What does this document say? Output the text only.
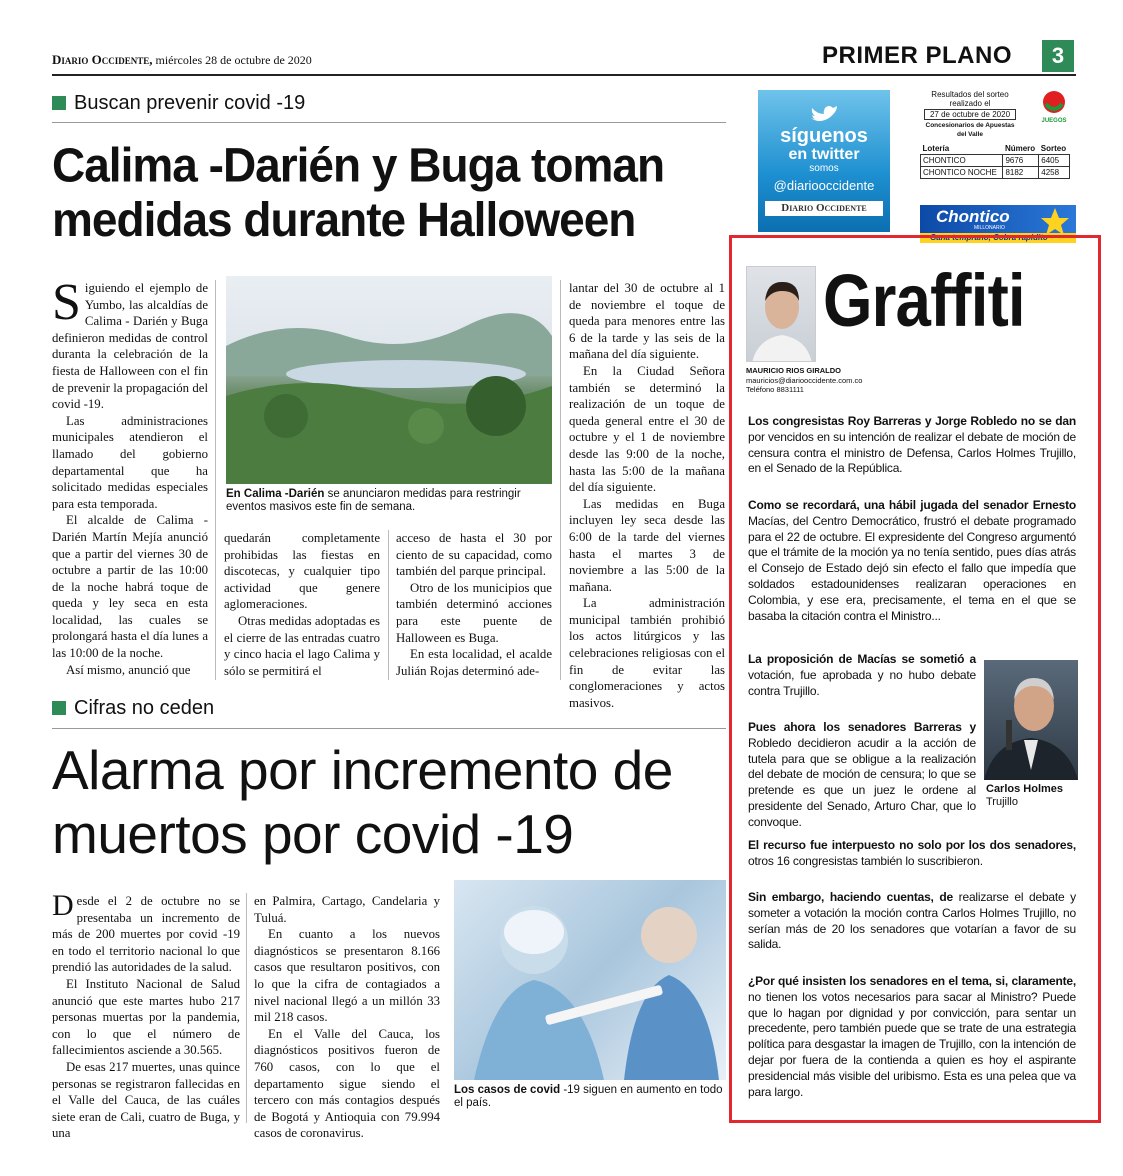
Diario Occidente, miércoles 28 de octubre de 2020	PRIMER PLANO	3
Buscan prevenir covid -19
Calima -Darién y Buga toman medidas durante Halloween
S iguiendo el ejemplo de Yumbo, las alcaldías de Calima - Darién y Buga definieron medidas de control duranta la celebración de la fiesta de Halloween con el fin de prevenir la propagación del covid -19.

Las administraciones municipales atendieron el llamado del gobierno departamental que ha solicitado medidas especiales para esta temporada.

El alcalde de Calima - Darién Martín Mejía anunció que a partir del viernes 30 de octubre a partir de las 10:00 de la noche habrá toque de queda y ley seca en esta localidad, las cuales se prolongará hasta el día lunes a las 10:00 de la noche.

Así mismo, anunció que

En Calima -Darién se anunciaron medidas para restringir eventos masivos este fin de semana.

quedarán completamente prohibidas las fiestas en discotecas, y cualquier tipo actividad que genere aglomeraciones.

Otras medidas adoptadas es el cierre de las entradas cuatro y cinco hacia el lago Calima y sólo se permitirá el

acceso de hasta el 30 por ciento de su capacidad, como también del parque principal.

Otro de los municipios que también determinó acciones para este puente de Halloween es Buga.

En esta localidad, el acalde Julián Rojas determinó ade-

lantar del 30 de octubre al 1 de noviembre el toque de queda para menores entre las 6 de la tarde y las seis de la mañana del día siguiente.

En la Ciudad Señora también se determinó la realización de un toque de queda general entre el 30 de octubre y el 1 de noviembre desde las 9:00 de la noche, hasta las 5:00 de la mañana del día siguiente.

Las medidas en Buga incluyen ley seca desde las 6:00 de la tarde del viernes hasta el martes 3 de noviembre a las 5:00 de la mañana.

La administración municipal también prohibió los actos litúrgicos y las celebraciones religiosas con el fin de evitar las conglomeraciones y actos masivos.

Cifras no ceden
Alarma por incremento de muertos por covid -19
D esde el 2 de octubre no se presentaba un incremento de más de 200 muertes por covid -19 en todo el territorio nacional lo que prendió las autoridades de la salud.

El Instituto Nacional de Salud anunció que este martes hubo 217 personas muertas por la pandemia, con lo que el número de fallecimientos asciende a 30.565.

De esas 217 muertes, unas quince personas se registraron fallecidas en el Valle del Cauca, de las cuáles siete eran de Cali, cuatro de Buga, y una

en Palmira, Cartago, Candelaria y Tuluá.

En cuanto a los nuevos diagnósticos se presentaron 8.166 casos que resultaron positivos, con lo que la cifra de contagiados a nivel nacional llegó a un millón 33 mil 218 casos.

En el Valle del Cauca, los diagnósticos positivos fueron de 760 casos, con lo que el departamento sigue siendo el tercero con más contagios después de Bogotá y Antioquia con 79.994 casos de coronavirus.

Los casos de covid -19 siguen en aumento en todo el país.
síguenos
en twitter
somos
@diariooccidente
Diario Occidente
Resultados del sorteo realizado el
27 de octubre de 2020
Concesionarios de Apuestas del Valle
JUEGOS
Lotería	Número	Sorteo
CHONTICO	9676	6405
CHONTICO NOCHE	8182	4258
Chontico
MILLONARIO
Gana temprano, Cobra rapidito
Graffiti
MAURICIO RIOS GIRALDO
mauricios@diariooccidente.com.co
Teléfono 8831111
Los congresistas Roy Barreras y Jorge Robledo no se dan por vencidos en su intención de realizar el debate de moción de censura contra el ministro de Defensa, Carlos Holmes Trujillo, en el Senado de la República.
Como se recordará, una hábil jugada del senador Ernesto Macías, del Centro Democrático, frustró el debate programado para el 22 de octubre. El expresidente del Congreso argumentó que el trámite de la moción ya no tenía sentido, pues días atrás el Consejo de Estado dejó sin efecto el fallo que impedía que soldados estadounidenses realizaran operaciones en Colombia, y ese era, precisamente, el tema en el que se basaba la citación contra el Ministro...
La proposición de Macías se sometió a votación, fue aprobada y no hubo debate contra Trujillo.
Pues ahora los senadores Barreras y Robledo decidieron acudir a la acción de tutela para que se obligue a la realización del debate de moción de censura; lo que se pretende es que un juez le ordene al presidente del Senado, Arturo Char, que lo convoque.
El recurso fue interpuesto no solo por los dos senadores, otros 16 congresistas también lo suscribieron.
Sin embargo, haciendo cuentas, de realizarse el debate y someter a votación la moción contra Carlos Holmes Trujillo, no serían más de 20 los senadores que votarían a favor de su salida.
¿Por qué insisten los senadores en el tema, si, claramente, no tienen los votos necesarios para sacar al Ministro? Puede que lo hagan por dignidad y por convicción, para sentar un precedente, pero también puede que se trate de una estrategia política para desgastar la imagen de Trujillo, con la intención de dejar por fuera de la contienda a quien es hoy el aspirante presidencial más visible del uribismo. Esta es una pelea que va para largo.
Carlos Holmes
Trujillo
